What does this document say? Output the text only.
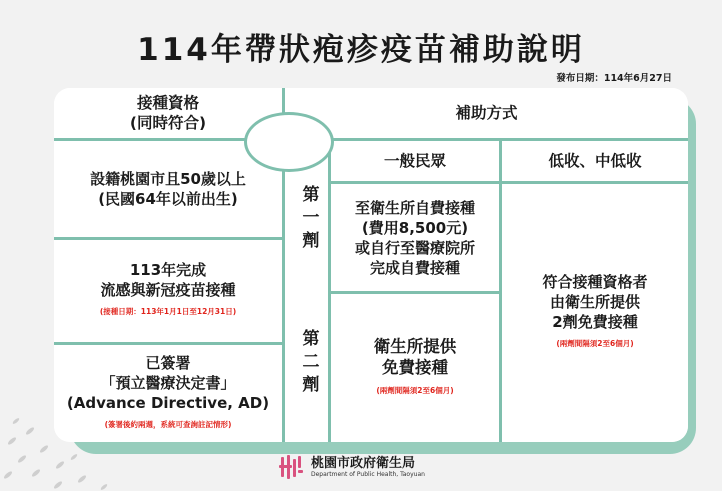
114年帶狀疱疹疫苗補助說明
發布日期：114年6月27日
接種資格
(同時符合)
補助方式
一般民眾	低收、中低收
設籍桃園市且50歲以上
(民國64年以前出生)
113年完成
流感與新冠疫苗接種
(接種日期：113年1月1日至12月31日)
已簽署
「預立醫療決定書」
(Advance Directive, AD)
(簽署後約兩週，系統可查詢註記情形)
至衛生所自費接種
(費用8,500元)
或自行至醫療院所
完成自費接種
衛生所提供
免費接種
(兩劑間隔須2至6個月)
符合接種資格者
由衛生所提供
2劑免費接種
(兩劑間隔須2至6個月)
第
一
劑
第
二
劑
桃園市政府衛生局
Department of Public Health, Taoyuan
